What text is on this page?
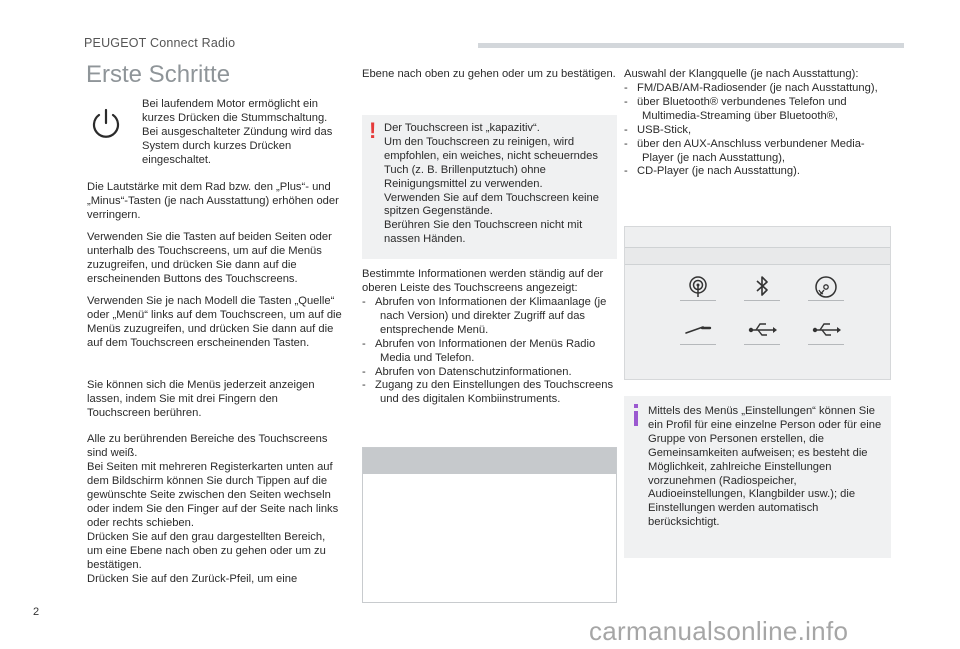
PEUGEOT Connect Radio
Erste Schritte

Bei laufendem Motor ermöglicht ein kurzes Drücken die Stummschaltung. Bei ausgeschalteter Zündung wird das System durch kurzes Drücken eingeschaltet.

Die Lautstärke mit dem Rad bzw. den „Plus“- und „Minus“-Tasten (je nach Ausstattung) erhöhen oder verringern.

Verwenden Sie die Tasten auf beiden Seiten oder unterhalb des Touchscreens, um auf die Menüs zuzugreifen, und drücken Sie dann auf die erscheinenden Buttons des Touchscreens.

Verwenden Sie je nach Modell die Tasten „Quelle“ oder „Menü“ links auf dem Touchscreen, um auf die Menüs zuzugreifen, und drücken Sie dann auf die auf dem Touchscreen erscheinenden Tasten.

Sie können sich die Menüs jederzeit anzeigen lassen, indem Sie mit drei Fingern den Touchscreen berühren.

Alle zu berührenden Bereiche des Touchscreens sind weiß.

Bei Seiten mit mehreren Registerkarten unten auf dem Bildschirm können Sie durch Tippen auf die gewünschte Seite zwischen den Seiten wechseln oder indem Sie den Finger auf der Seite nach links oder rechts schieben.

Drücken Sie auf den grau dargestellten Bereich, um eine Ebene nach oben zu gehen oder um zu bestätigen.

Drücken Sie auf den Zurück-Pfeil, um eine

Ebene nach oben zu gehen oder um zu bestätigen.

! Der Touchscreen ist „kapazitiv“.

Um den Touchscreen zu reinigen, wird empfohlen, ein weiches, nicht scheuerndes Tuch (z. B. Brillenputztuch) ohne Reinigungsmittel zu verwenden.

Verwenden Sie auf dem Touchscreen keine spitzen Gegenstände.

Berühren Sie den Touchscreen nicht mit nassen Händen.

Bestimmte Informationen werden ständig auf der oberen Leiste des Touchscreens angezeigt:

-   Abrufen von Informationen der Klimaanlage (je nach Version) und direkter Zugriff auf das entsprechende Menü.

-   Abrufen von Informationen der Menüs Radio Media und Telefon.

-   Abrufen von Datenschutzinformationen.

-   Zugang zu den Einstellungen des Touchscreens und des digitalen Kombiinstruments.

Auswahl der Klangquelle (je nach Ausstattung):

-   FM/DAB/AM-Radiosender (je nach Ausstattung),

-   über Bluetooth® verbundenes Telefon und Multimedia-Streaming über Bluetooth®,

-   USB-Stick,

-   über den AUX-Anschluss verbundener Media-Player (je nach Ausstattung),

-   CD-Player (je nach Ausstattung).

Mittels des Menüs „Einstellungen“ können Sie ein Profil für eine einzelne Person oder für eine Gruppe von Personen erstellen, die Gemeinsamkeiten aufweisen; es besteht die Möglichkeit, zahlreiche Einstellungen vorzunehmen (Radiospeicher, Audioeinstellungen, Klangbilder usw.); die Einstellungen werden automatisch berücksichtigt.

2
carmanualsonline.info
